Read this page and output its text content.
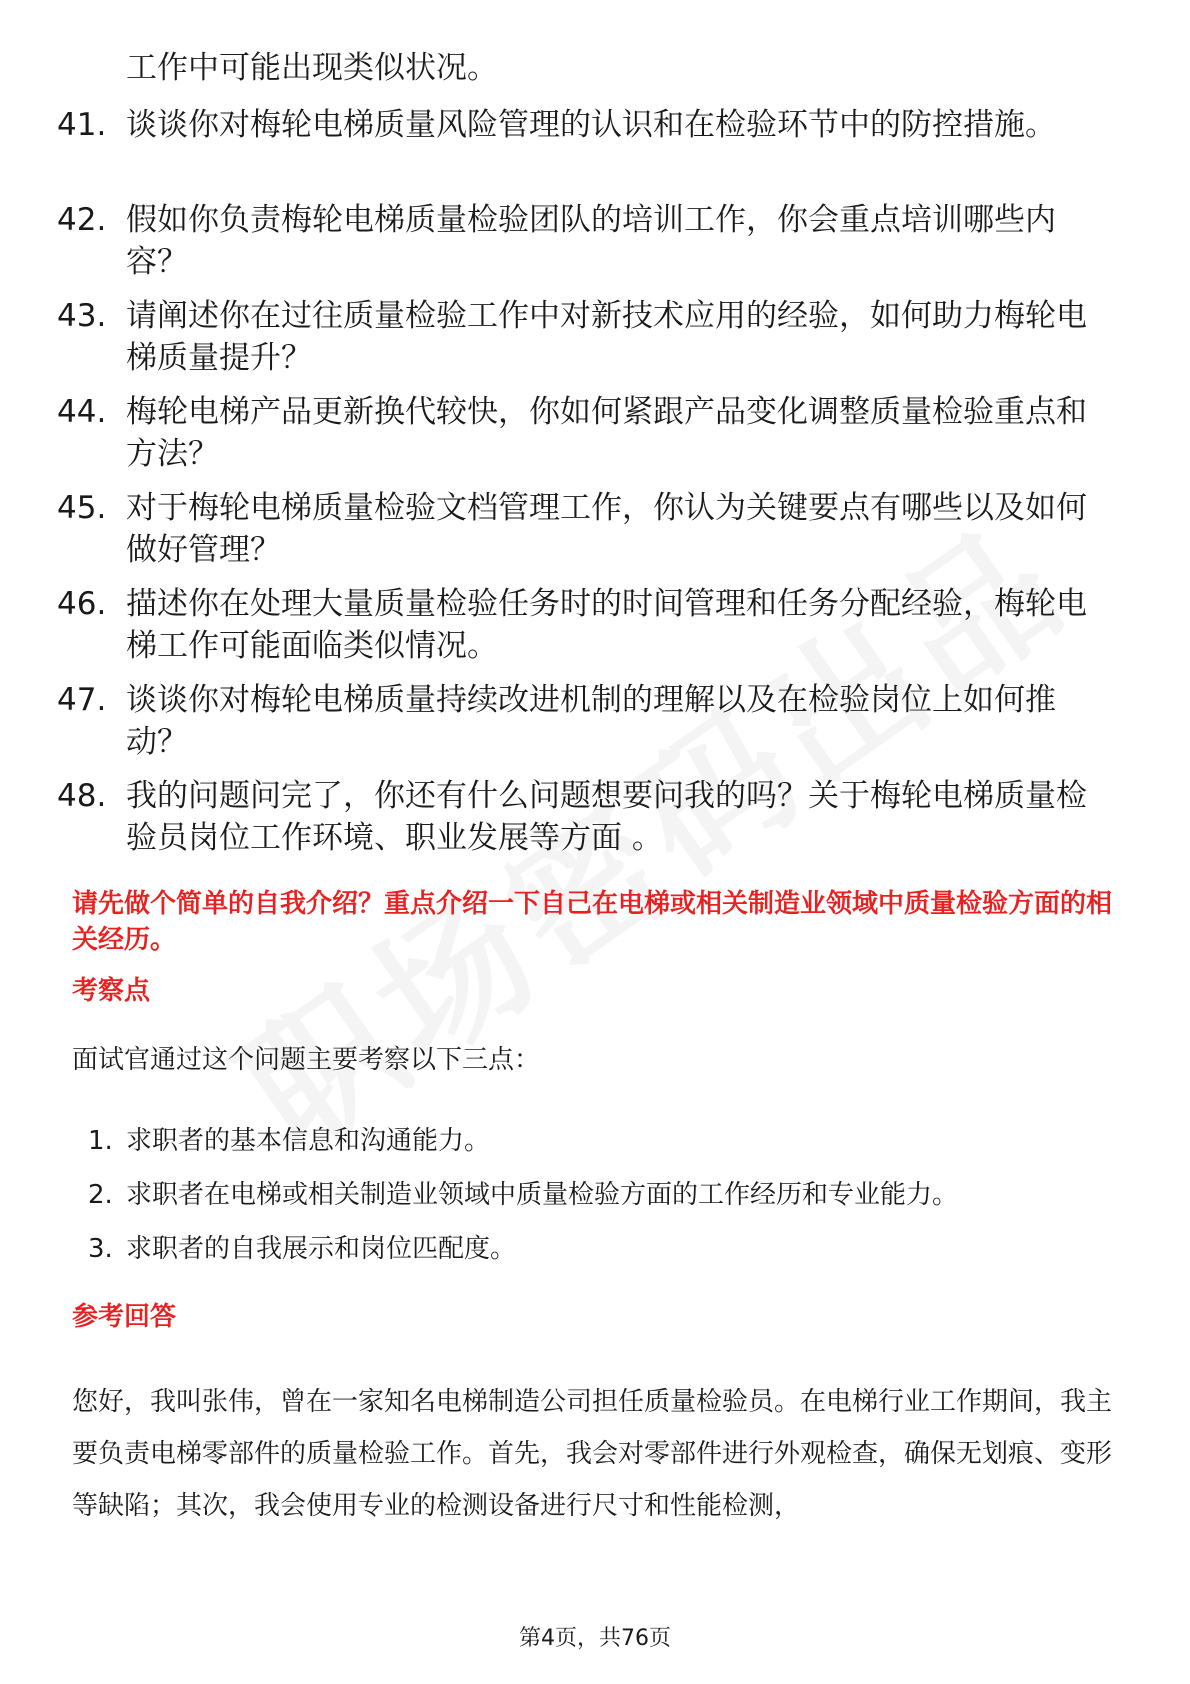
工作中可能出现类似状况。
41. 谈谈你对梅轮电梯质量风险管理的认识和在检验环节中的防控措施。
42. 假如你负责梅轮电梯质量检验团队的培训工作，你会重点培训哪些内容？
43. 请阐述你在过往质量检验工作中对新技术应用的经验，如何助力梅轮电梯质量提升？
44. 梅轮电梯产品更新换代较快，你如何紧跟产品变化调整质量检验重点和方法？
45. 对于梅轮电梯质量检验文档管理工作，你认为关键要点有哪些以及如何做好管理？
46. 描述你在处理大量质量检验任务时的时间管理和任务分配经验，梅轮电梯工作可能面临类似情况。
47. 谈谈你对梅轮电梯质量持续改进机制的理解以及在检验岗位上如何推动？
48. 我的问题问完了，你还有什么问题想要问我的吗？关于梅轮电梯质量检验员岗位工作环境、职业发展等方面 。
请先做个简单的自我介绍？重点介绍一下自己在电梯或相关制造业领域中质量检验方面的相关经历。
考察点
面试官通过这个问题主要考察以下三点：
1. 求职者的基本信息和沟通能力。
2. 求职者在电梯或相关制造业领域中质量检验方面的工作经历和专业能力。
3. 求职者的自我展示和岗位匹配度。
参考回答
您好，我叫张伟，曾在一家知名电梯制造公司担任质量检验员。在电梯行业工作期间，我主要负责电梯零部件的质量检验工作。首先，我会对零部件进行外观检查，确保无划痕、变形等缺陷；其次，我会使用专业的检测设备进行尺寸和性能检测，
第4页，共76页
